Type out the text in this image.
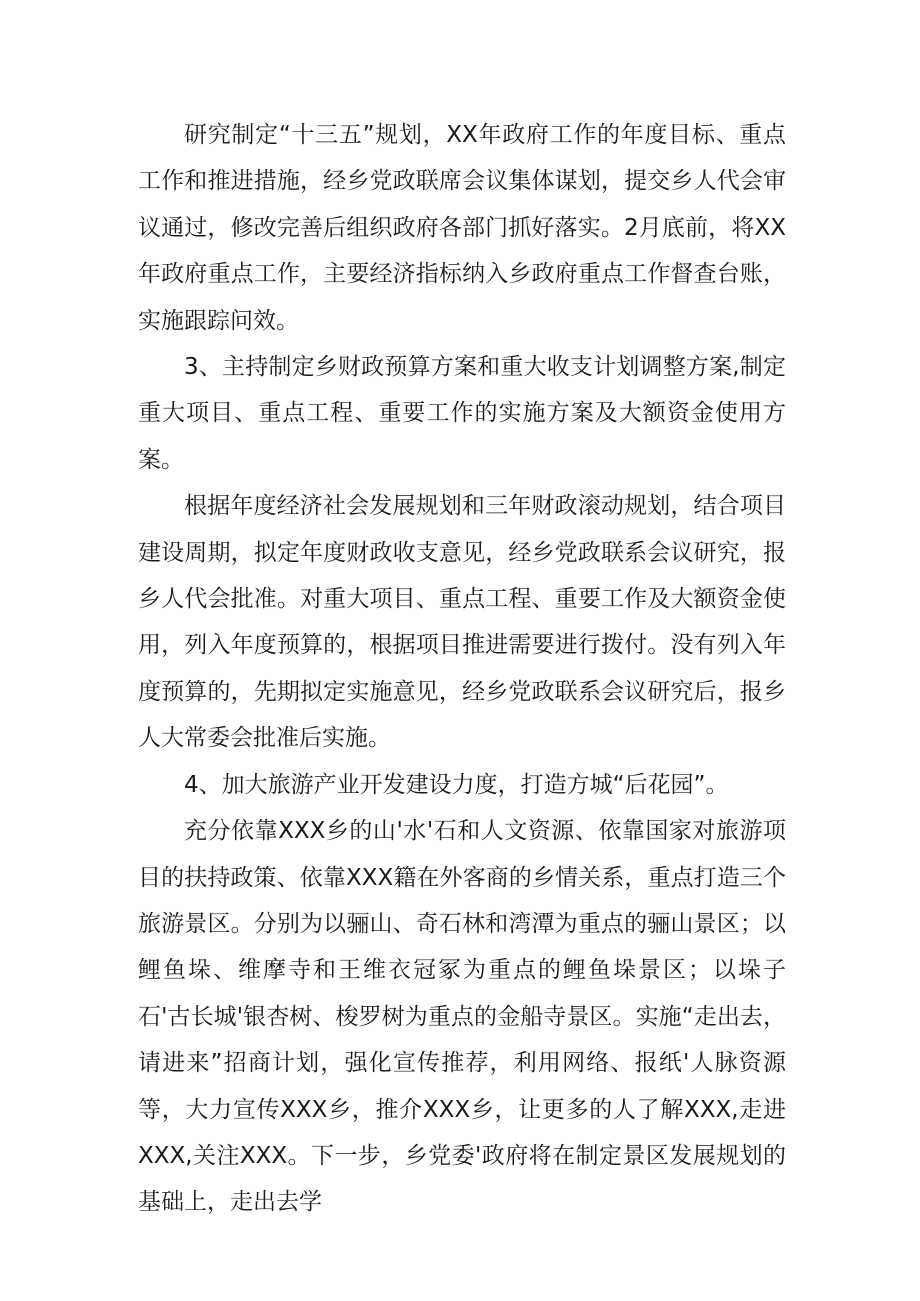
研究制定“十三五”规划，XX年政府工作的年度目标、重点工作和推进措施，经乡党政联席会议集体谋划，提交乡人代会审议通过，修改完善后组织政府各部门抓好落实。2月底前，将XX年政府重点工作，主要经济指标纳入乡政府重点工作督查台账，实施跟踪问效。

3、主持制定乡财政预算方案和重大收支计划调整方案,制定重大项目、重点工程、重要工作的实施方案及大额资金使用方案。

根据年度经济社会发展规划和三年财政滚动规划，结合项目建设周期，拟定年度财政收支意见，经乡党政联系会议研究，报乡人代会批准。对重大项目、重点工程、重要工作及大额资金使用，列入年度预算的，根据项目推进需要进行拨付。没有列入年度预算的，先期拟定实施意见，经乡党政联系会议研究后，报乡人大常委会批准后实施。

4、加大旅游产业开发建设力度，打造方城“后花园”。

充分依靠XXX乡的山'水'石和人文资源、依靠国家对旅游项目的扶持政策、依靠XXX籍在外客商的乡情关系，重点打造三个旅游景区。分别为以骊山、奇石林和湾潭为重点的骊山景区；以鲤鱼垛、维摩寺和王维衣冠冢为重点的鲤鱼垛景区；以垛子石'古长城'银杏树、梭罗树为重点的金船寺景区。实施“走出去，请进来”招商计划，强化宣传推荐，利用网络、报纸'人脉资源等，大力宣传XXX乡，推介XXX乡，让更多的人了解XXX,走进XXX,关注XXX。下一步，乡党委'政府将在制定景区发展规划的基础上，走出去学
